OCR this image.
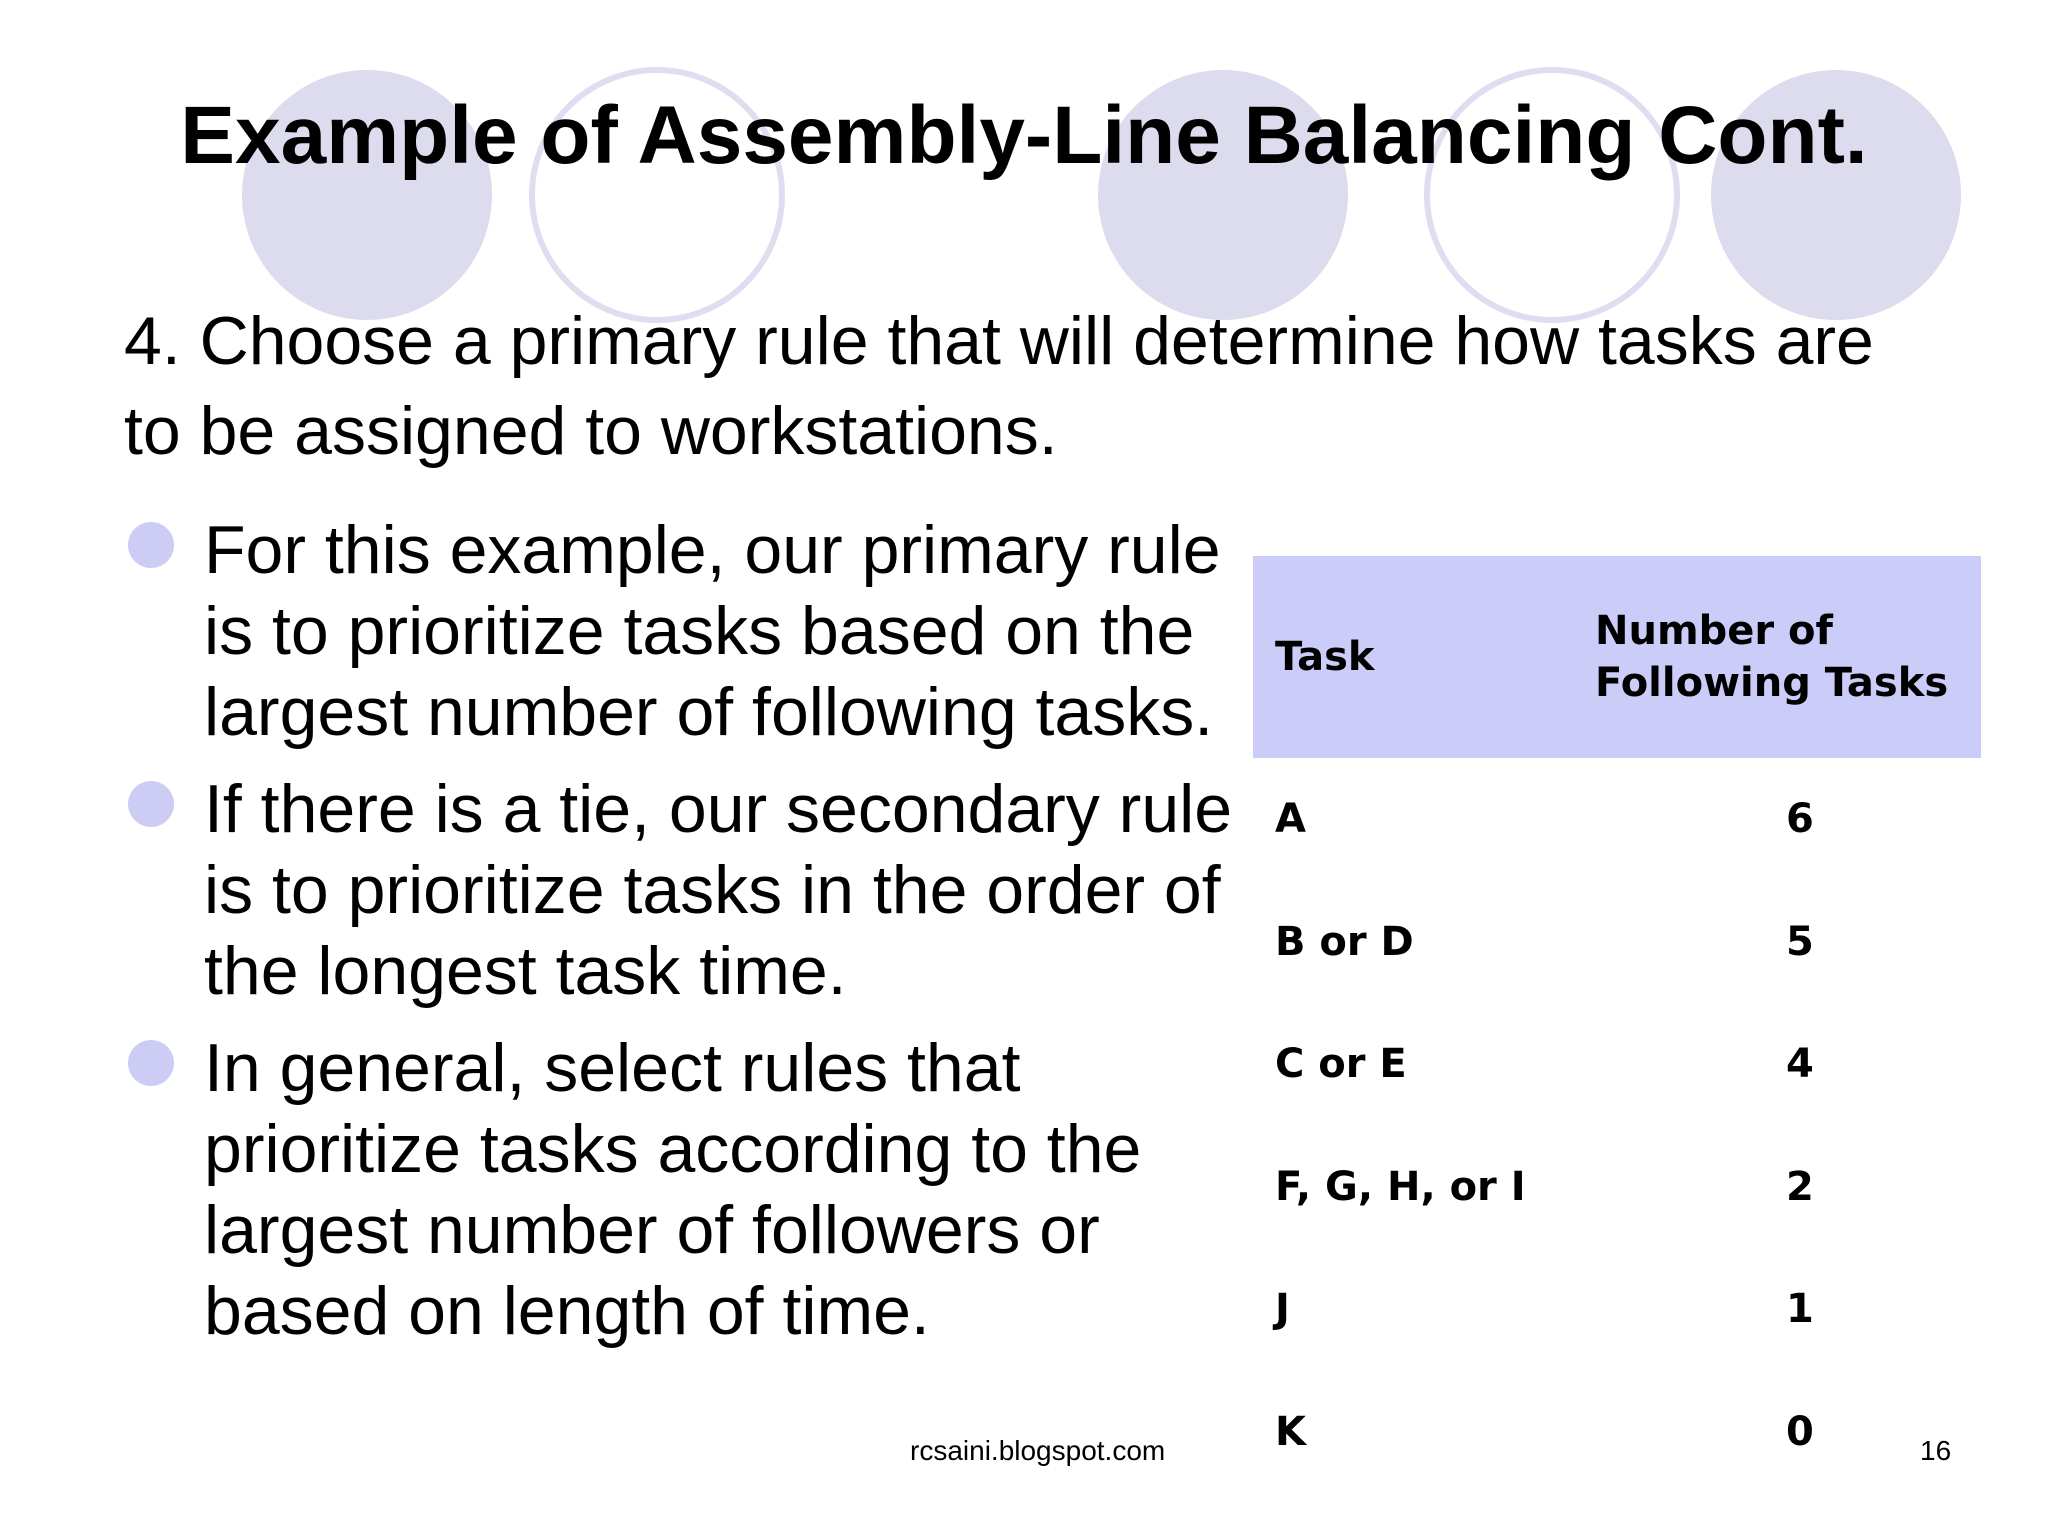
Example of Assembly-Line Balancing Cont.

4. Choose a primary rule that will determine how tasks are to be assigned to workstations.

For this example, our primary rule is to prioritize tasks based on the largest number of following tasks.
If there is a tie, our secondary rule is to prioritize tasks in the order of the longest task time.
In general, select rules that prioritize tasks according to the largest number of followers or based on length of time.
Task	Number of
Following Tasks
A	6
B or D	5
C or E	4
F, G, H, or I	2
J	1
K	0
rcsaini.blogspot.com	16
